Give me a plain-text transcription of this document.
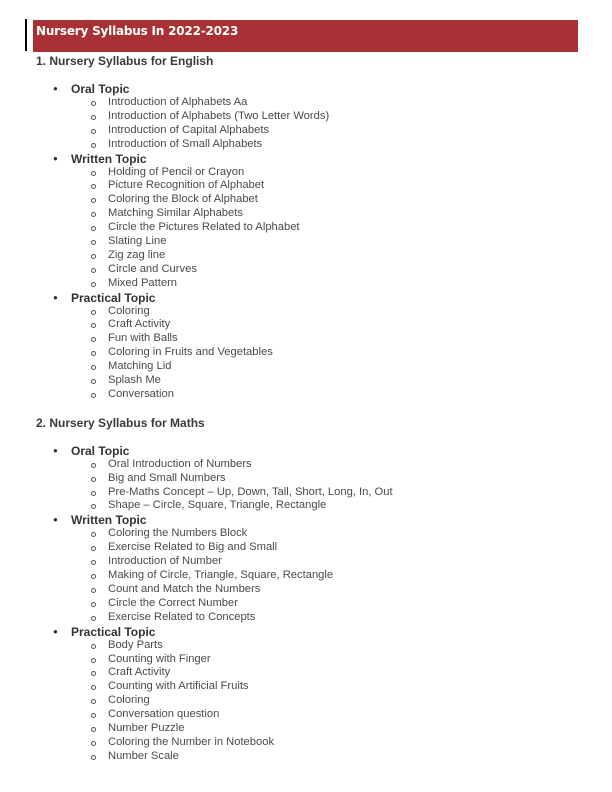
Nursery Syllabus In 2022-2023
1. Nursery Syllabus for English
● Oral Topic
Introduction of Alphabets Aa
Introduction of Alphabets (Two Letter Words)
Introduction of Capital Alphabets
Introduction of Small Alphabets
● Written Topic
Holding of Pencil or Crayon
Picture Recognition of Alphabet
Coloring the Block of Alphabet
Matching Similar Alphabets
Circle the Pictures Related to Alphabet
Slating Line
Zig zag line
Circle and Curves
Mixed Pattern
● Practical Topic
Coloring
Craft Activity
Fun with Balls
Coloring in Fruits and Vegetables
Matching Lid
Splash Me
Conversation
2. Nursery Syllabus for Maths
● Oral Topic
Oral Introduction of Numbers
Big and Small Numbers
Pre-Maths Concept – Up, Down, Tall, Short, Long, In, Out
Shape – Circle, Square, Triangle, Rectangle
● Written Topic
Coloring the Numbers Block
Exercise Related to Big and Small
Introduction of Number
Making of Circle, Triangle, Square, Rectangle
Count and Match the Numbers
Circle the Correct Number
Exercise Related to Concepts
● Practical Topic
Body Parts
Counting with Finger
Craft Activity
Counting with Artificial Fruits
Coloring
Conversation question
Number Puzzle
Coloring the Number in Notebook
Number Scale
